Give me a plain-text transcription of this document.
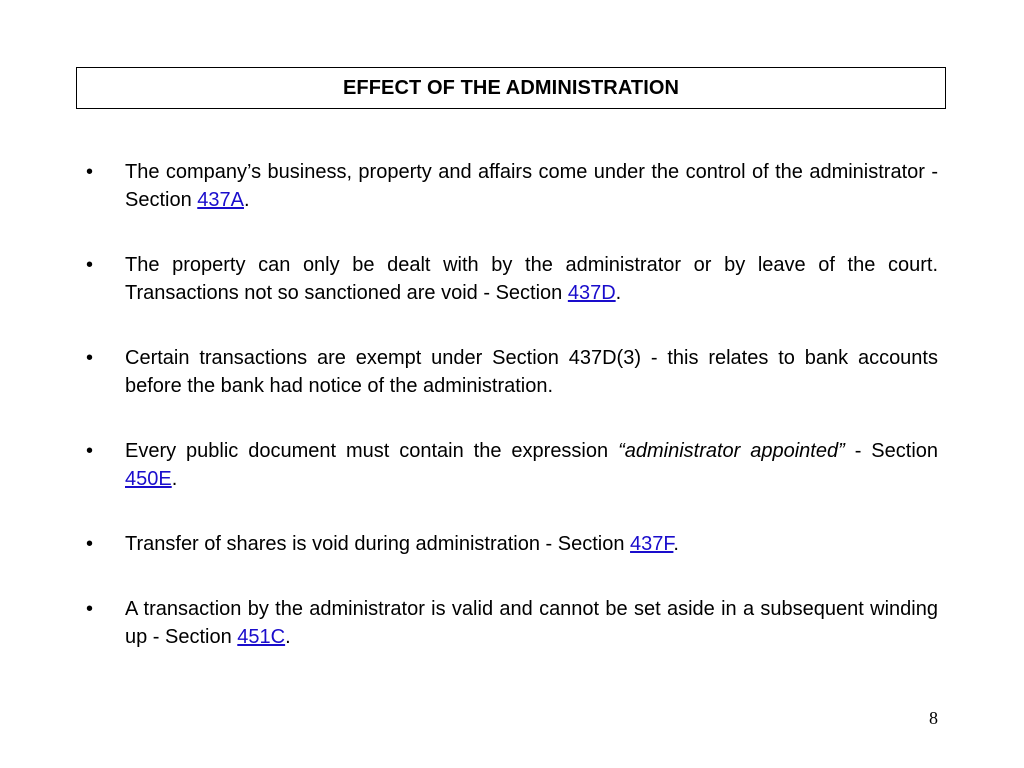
EFFECT OF THE ADMINISTRATION
•	The company’s business, property and affairs come under the control of the administrator - Section 437A.
•	The property can only be dealt with by the administrator or by leave of the court. Transactions not so sanctioned are void - Section 437D.
•	Certain transactions are exempt under Section 437D(3) - this relates to bank accounts before the bank had notice of the administration.
•	Every public document must contain the expression “administrator appointed” - Section 450E.
•	Transfer of shares is void during administration - Section 437F.
•	A transaction by the administrator is valid and cannot be set aside in a subsequent winding up - Section 451C.
8
